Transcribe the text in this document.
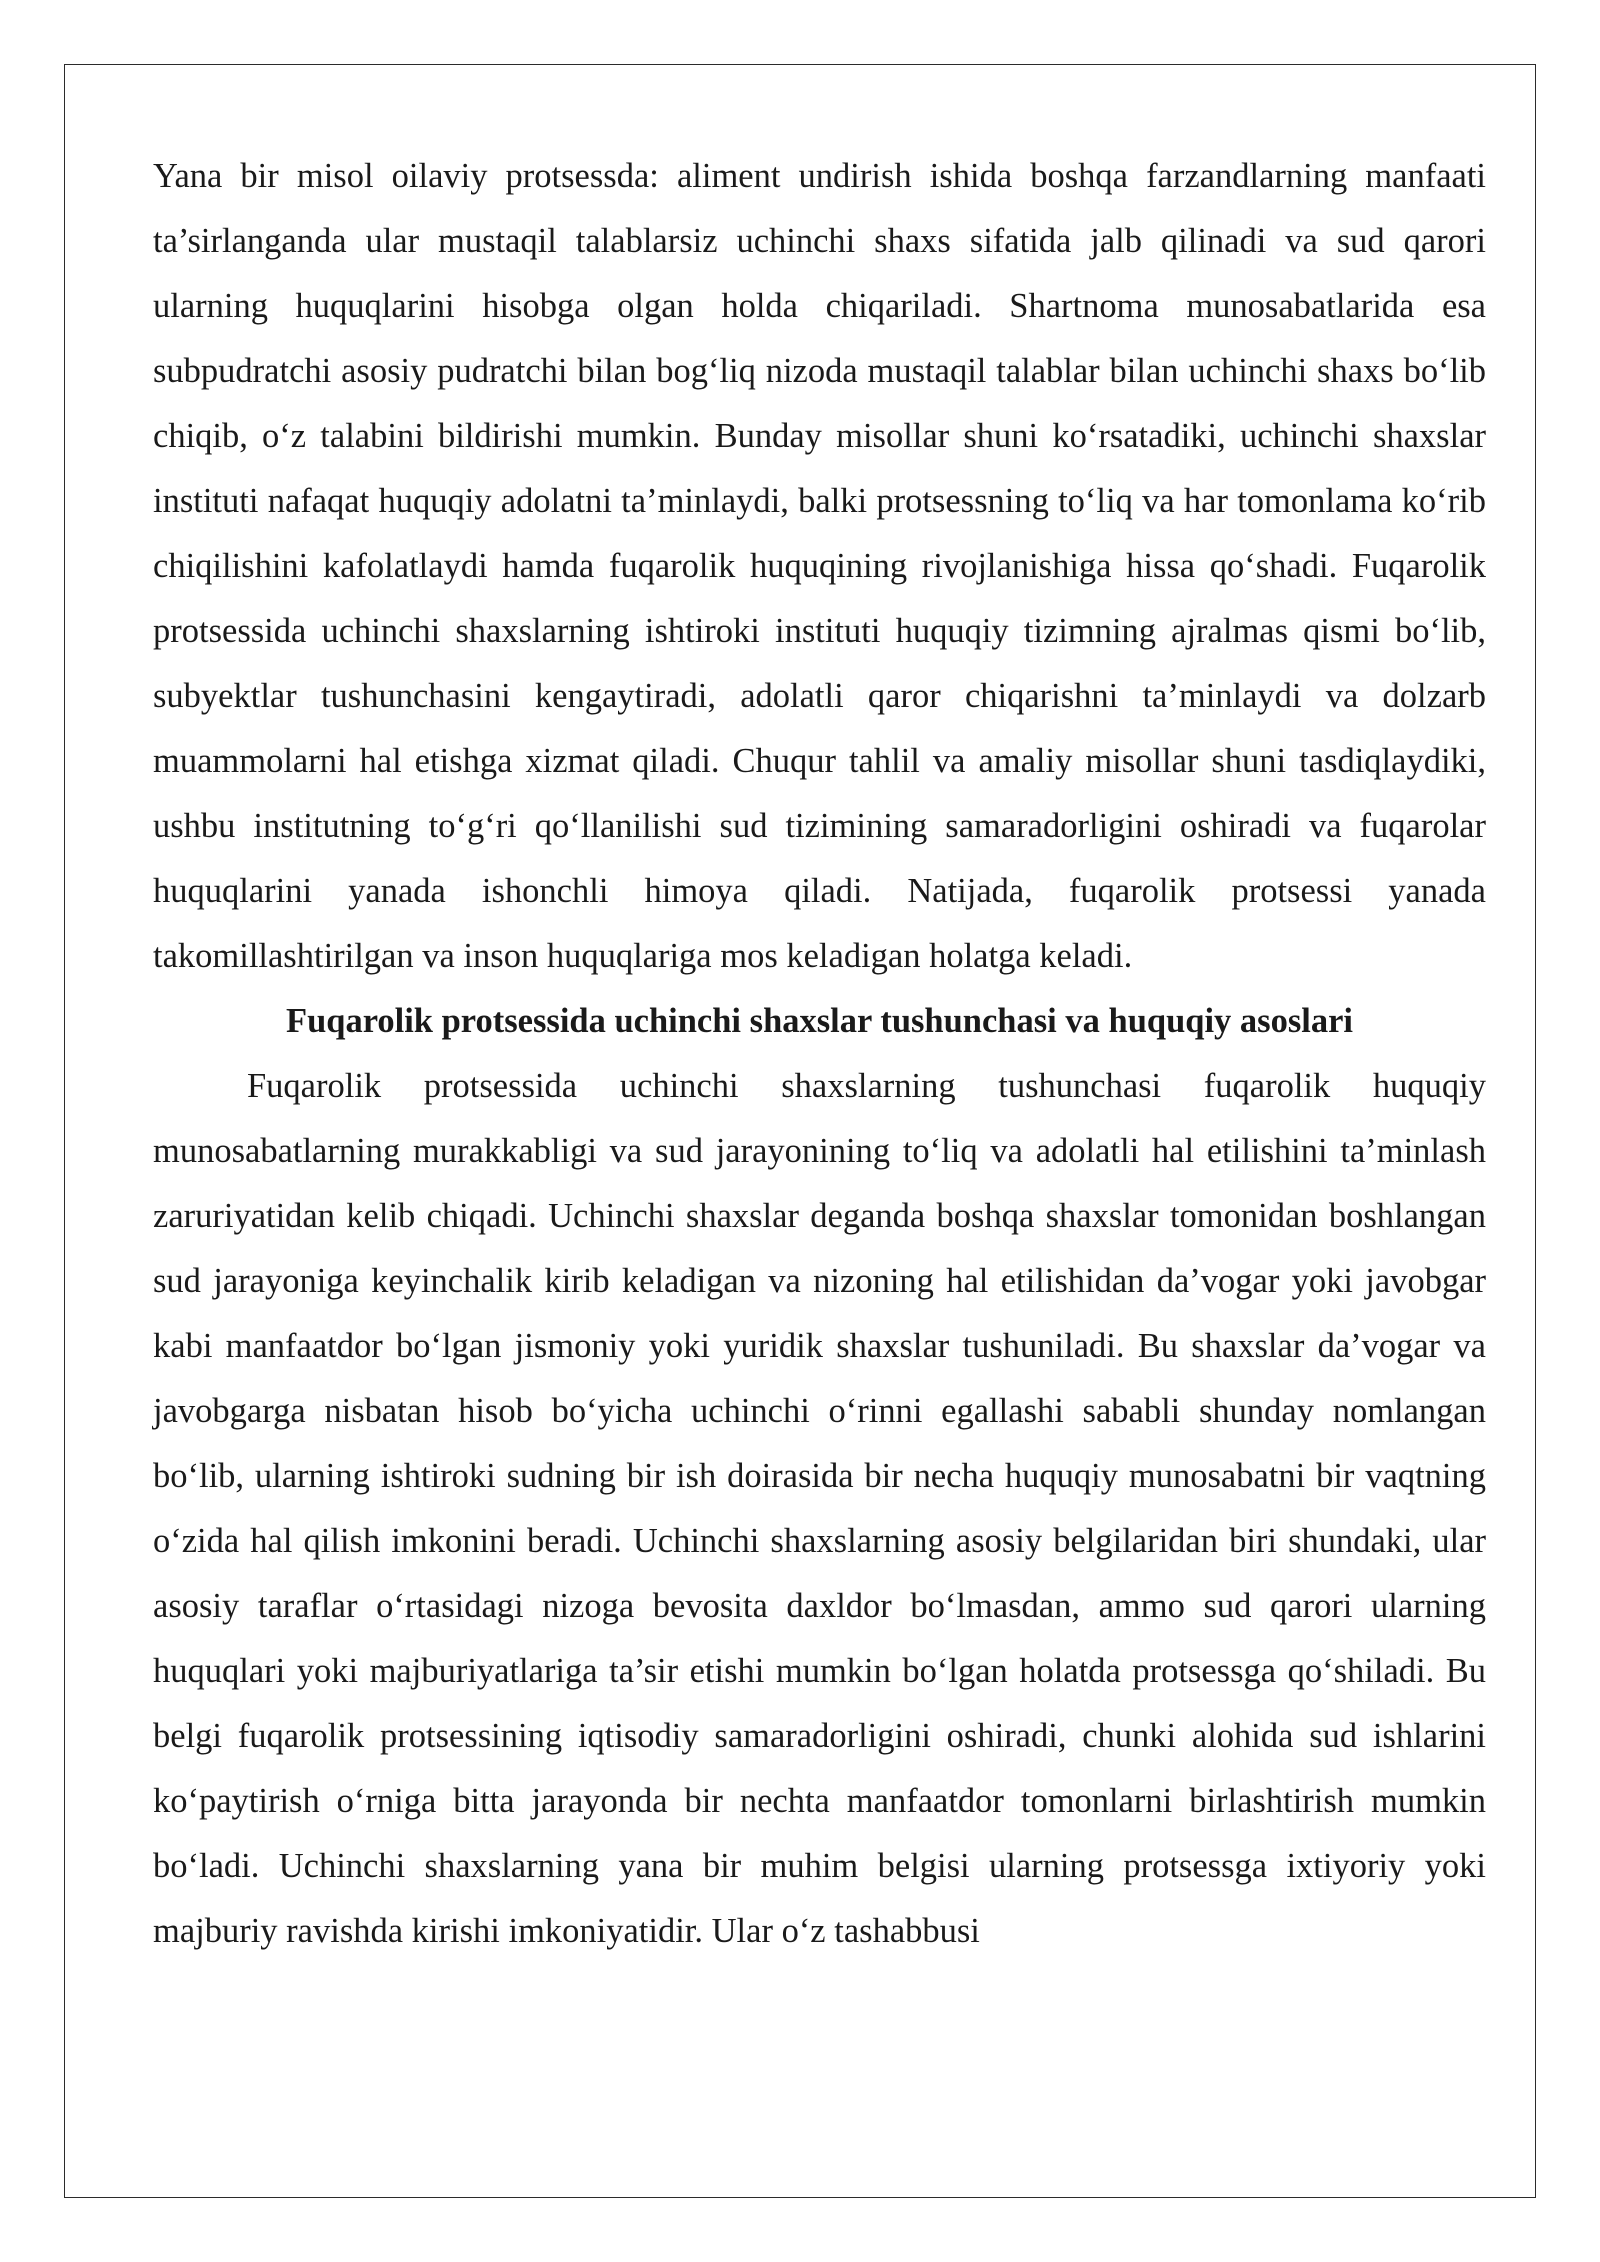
Yana bir misol oilaviy protsessda: aliment undirish ishida boshqa farzandlarning manfaati ta’sirlanganda ular mustaqil talablarsiz uchinchi shaxs sifatida jalb qilinadi va sud qarori ularning huquqlarini hisobga olgan holda chiqariladi. Shartnoma munosabatlarida esa subpudratchi asosiy pudratchi bilan bog‘liq nizoda mustaqil talablar bilan uchinchi shaxs bo‘lib chiqib, o‘z talabini bildirishi mumkin. Bunday misollar shuni ko‘rsatadiki, uchinchi shaxslar instituti nafaqat huquqiy adolatni ta’minlaydi, balki protsessning to‘liq va har tomonlama ko‘rib chiqilishini kafolatlaydi hamda fuqarolik huquqining rivojlanishiga hissa qo‘shadi. Fuqarolik protsessida uchinchi shaxslarning ishtiroki instituti huquqiy tizimning ajralmas qismi bo‘lib, subyektlar tushunchasini kengaytiradi, adolatli qaror chiqarishni ta’minlaydi va dolzarb muammolarni hal etishga xizmat qiladi. Chuqur tahlil va amaliy misollar shuni tasdiqlaydiki, ushbu institutning to‘g‘ri qo‘llanilishi sud tizimining samaradorligini oshiradi va fuqarolar huquqlarini yanada ishonchli himoya qiladi. Natijada, fuqarolik protsessi yanada takomillashtirilgan va inson huquqlariga mos keladigan holatga keladi.

Fuqarolik protsessida uchinchi shaxslar tushunchasi va huquqiy asoslari

Fuqarolik protsessida uchinchi shaxslarning tushunchasi fuqarolik huquqiy munosabatlarning murakkabligi va sud jarayonining to‘liq va adolatli hal etilishini ta’minlash zaruriyatidan kelib chiqadi. Uchinchi shaxslar deganda boshqa shaxslar tomonidan boshlangan sud jarayoniga keyinchalik kirib keladigan va nizoning hal etilishidan da’vogar yoki javobgar kabi manfaatdor bo‘lgan jismoniy yoki yuridik shaxslar tushuniladi. Bu shaxslar da’vogar va javobgarga nisbatan hisob bo‘yicha uchinchi o‘rinni egallashi sababli shunday nomlangan bo‘lib, ularning ishtiroki sudning bir ish doirasida bir necha huquqiy munosabatni bir vaqtning o‘zida hal qilish imkonini beradi. Uchinchi shaxslarning asosiy belgilaridan biri shundaki, ular asosiy taraflar o‘rtasidagi nizoga bevosita daxldor bo‘lmasdan, ammo sud qarori ularning huquqlari yoki majburiyatlariga ta’sir etishi mumkin bo‘lgan holatda protsessga qo‘shiladi. Bu belgi fuqarolik protsessining iqtisodiy samaradorligini oshiradi, chunki alohida sud ishlarini ko‘paytirish o‘rniga bitta jarayonda bir nechta manfaatdor tomonlarni birlashtirish mumkin bo‘ladi. Uchinchi shaxslarning yana bir muhim belgisi ularning protsessga ixtiyoriy yoki majburiy ravishda kirishi imkoniyatidir. Ular o‘z tashabbusi
